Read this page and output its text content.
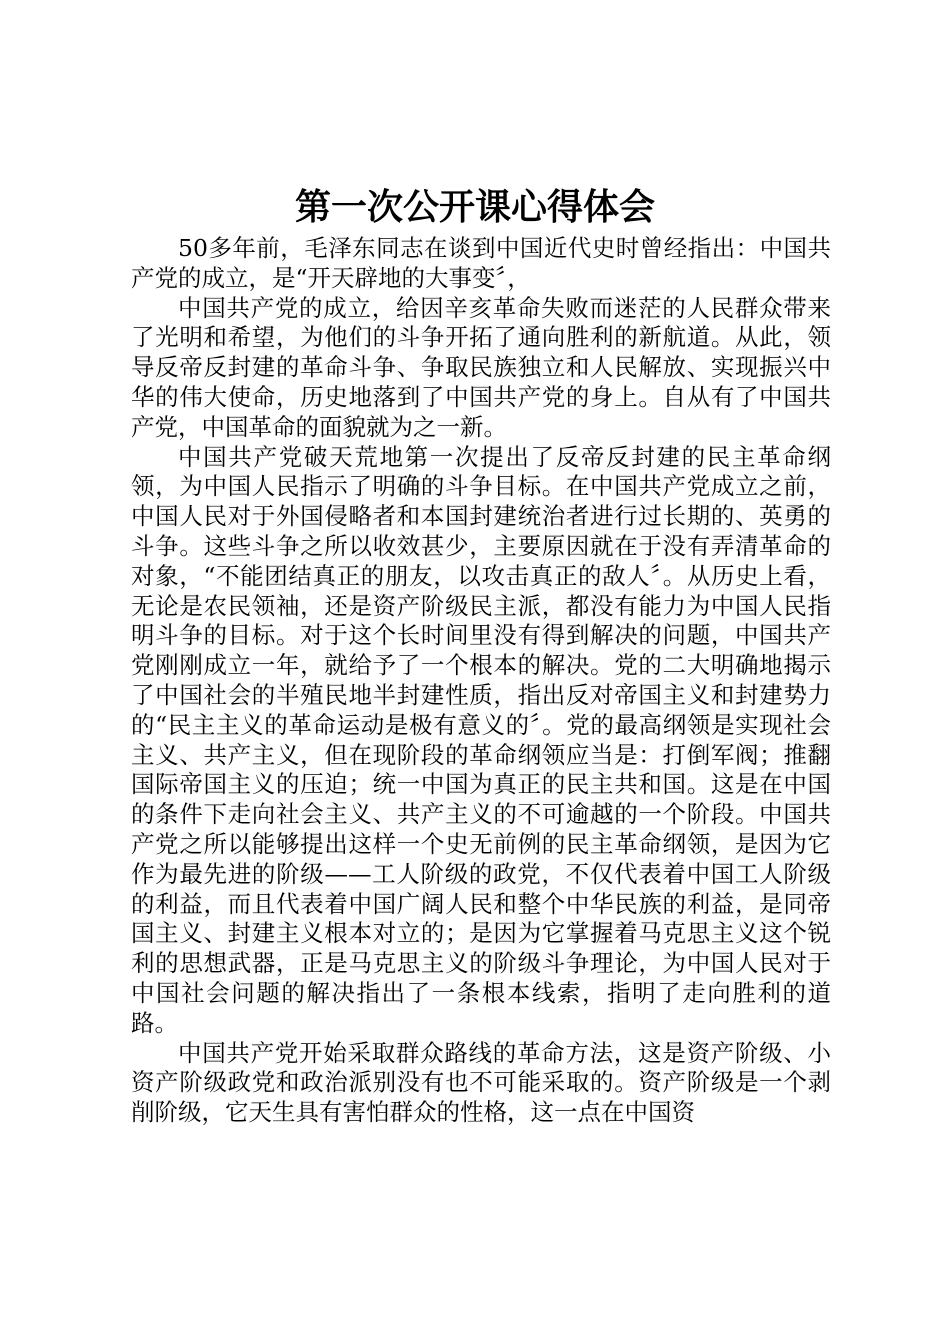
第一次公开课心得体会

50多年前，毛泽东同志在谈到中国近代史时曾经指出：中国共产党的成立，是“开天辟地的大事变〞，

中国共产党的成立，给因辛亥革命失败而迷茫的人民群众带来了光明和希望，为他们的斗争开拓了通向胜利的新航道。从此，领导反帝反封建的革命斗争、争取民族独立和人民解放、实现振兴中华的伟大使命，历史地落到了中国共产党的身上。自从有了中国共产党，中国革命的面貌就为之一新。

中国共产党破天荒地第一次提出了反帝反封建的民主革命纲领，为中国人民指示了明确的斗争目标。在中国共产党成立之前，中国人民对于外国侵略者和本国封建统治者进行过长期的、英勇的斗争。这些斗争之所以收效甚少，主要原因就在于没有弄清革命的对象，“不能团结真正的朋友，以攻击真正的敌人〞。从历史上看，无论是农民领袖，还是资产阶级民主派，都没有能力为中国人民指明斗争的目标。对于这个长时间里没有得到解决的问题，中国共产党刚刚成立一年，就给予了一个根本的解决。党的二大明确地揭示了中国社会的半殖民地半封建性质，指出反对帝国主义和封建势力的“民主主义的革命运动是极有意义的〞。党的最高纲领是实现社会主义、共产主义，但在现阶段的革命纲领应当是：打倒军阀；推翻国际帝国主义的压迫；统一中国为真正的民主共和国。这是在中国的条件下走向社会主义、共产主义的不可逾越的一个阶段。中国共产党之所以能够提出这样一个史无前例的民主革命纲领，是因为它作为最先进的阶级——工人阶级的政党，不仅代表着中国工人阶级的利益，而且代表着中国广阔人民和整个中华民族的利益，是同帝国主义、封建主义根本对立的；是因为它掌握着马克思主义这个锐利的思想武器，正是马克思主义的阶级斗争理论，为中国人民对于中国社会问题的解决指出了一条根本线索，指明了走向胜利的道路。

中国共产党开始采取群众路线的革命方法，这是资产阶级、小资产阶级政党和政治派别没有也不可能采取的。资产阶级是一个剥削阶级，它天生具有害怕群众的性格，这一点在中国资
